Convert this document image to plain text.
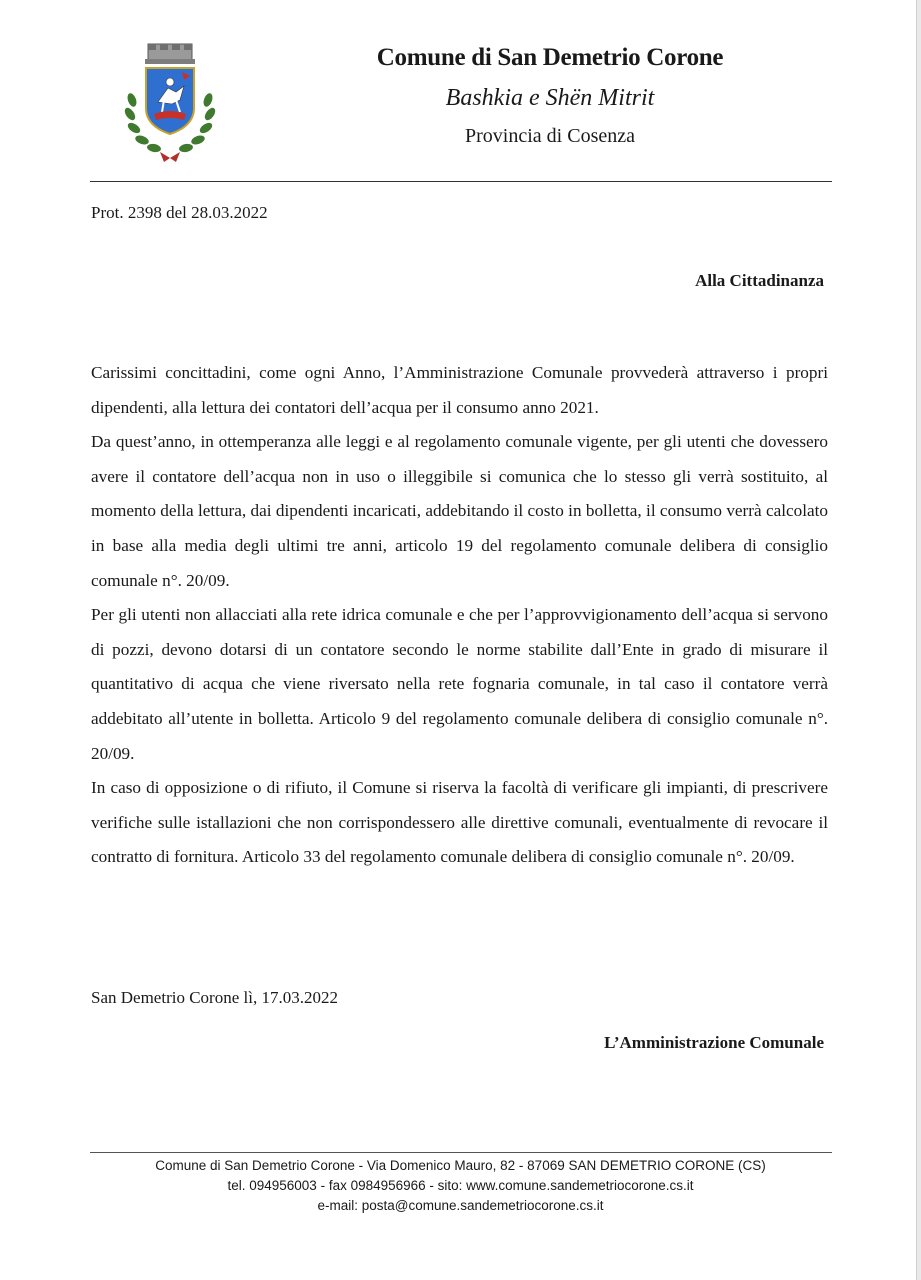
Comune di San Demetrio Corone
Bashkia e Shën Mitrit
Provincia di Cosenza
Prot. 2398 del 28.03.2022
Alla Cittadinanza

Carissimi concittadini, come ogni Anno, l’Amministrazione Comunale provvederà attraverso i propri dipendenti, alla lettura dei contatori dell’acqua per il consumo anno 2021.

Da quest’anno, in ottemperanza alle leggi e al regolamento comunale vigente, per gli utenti che dovessero avere il contatore dell’acqua non in uso o illeggibile si comunica che lo stesso gli verrà sostituito, al momento della lettura, dai dipendenti incaricati, addebitando il costo in bolletta, il consumo verrà calcolato in base alla media degli ultimi tre anni, articolo 19 del regolamento comunale delibera di consiglio comunale n°. 20/09.

Per gli utenti non allacciati alla rete idrica comunale e che per l’approvvigionamento dell’acqua si servono di pozzi, devono dotarsi di un contatore secondo le norme stabilite dall’Ente in grado di misurare il quantitativo di acqua che viene riversato nella rete fognaria comunale, in tal caso il contatore verrà addebitato all’utente in bolletta. Articolo 9 del regolamento comunale delibera di consiglio comunale n°. 20/09.

In caso di opposizione o di rifiuto, il Comune si riserva la facoltà di verificare gli impianti, di prescrivere verifiche sulle istallazioni che non corrispondessero alle direttive comunali, eventualmente di revocare il contratto di fornitura. Articolo 33 del regolamento comunale delibera di consiglio comunale n°. 20/09.

San Demetrio Corone lì, 17.03.2022
L’Amministrazione Comunale
Comune di San Demetrio Corone - Via Domenico Mauro, 82 - 87069 SAN DEMETRIO CORONE (CS)
tel. 094956003 - fax 0984956966 - sito: www.comune.sandemetriocorone.cs.it
e-mail: posta@comune.sandemetriocorone.cs.it
